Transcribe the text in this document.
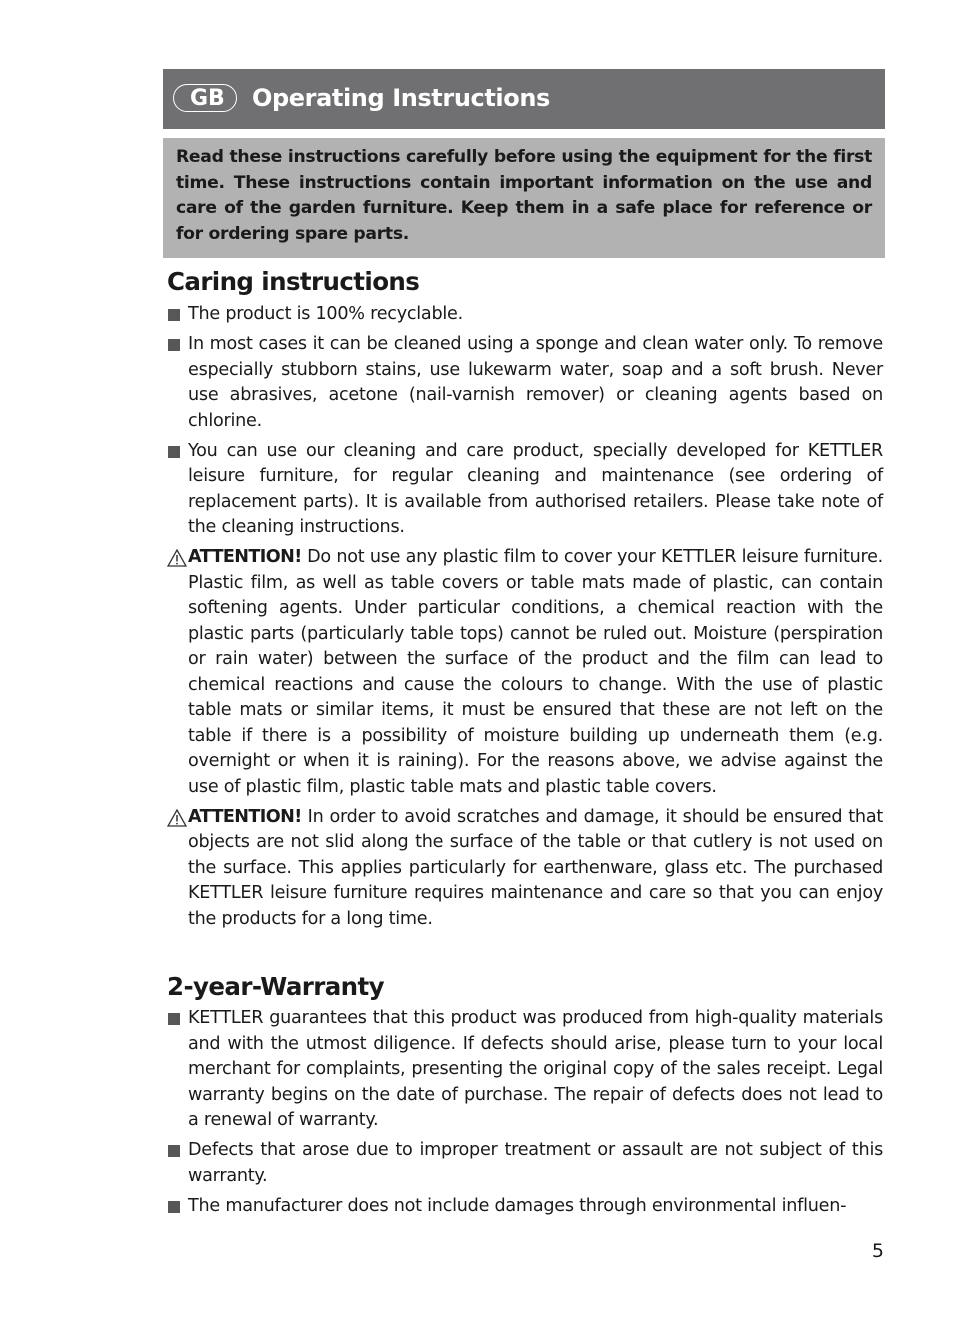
GB	Operating Instructions

Read these instructions carefully before using the equipment for the first time. These instructions contain important information on the use and care of the garden furniture. Keep them in a safe place for reference or for ordering spare parts.

Caring instructions
The product is 100% recyclable.
In most cases it can be cleaned using a sponge and clean water only. To remove especially stubborn stains, use lukewarm water, soap and a soft brush. Never use abrasives, acetone (nail-varnish remover) or cleaning agents based on chlorine.
You can use our cleaning and care product, specially developed for KETTLER leisure furniture, for regular cleaning and maintenance (see ordering of replacement parts). It is available from authorised retailers. Please take note of the cleaning instructions.
ATTENTION! Do not use any plastic film to cover your KETTLER leisure furniture. Plastic film, as well as table covers or table mats made of plastic, can contain softening agents. Under particular conditions, a chemical reaction with the plastic parts (particularly table tops) cannot be ruled out. Moisture (perspiration or rain water) between the surface of the product and the film can lead to chemical reactions and cause the colours to change. With the use of plastic table mats or similar items, it must be ensured that these are not left on the table if there is a possibility of moisture building up underneath them (e.g. overnight or when it is raining). For the reasons above, we advise against the use of plastic film, plastic table mats and plastic table covers.
ATTENTION! In order to avoid scratches and damage, it should be ensured that objects are not slid along the surface of the table or that cutlery is not used on the surface. This applies particularly for earthenware, glass etc. The purchased KETTLER leisure furniture requires maintenance and care so that you can enjoy the products for a long time.
2-year-Warranty
KETTLER guarantees that this product was produced from high-quality materials and with the utmost diligence. If defects should arise, please turn to your local merchant for complaints, presenting the original copy of the sales receipt. Legal warranty begins on the date of purchase. The repair of defects does not lead to a renewal of warranty.
Defects that arose due to improper treatment or assault are not subject of this warranty.
The manufacturer does not include damages through environmental influen-
5
